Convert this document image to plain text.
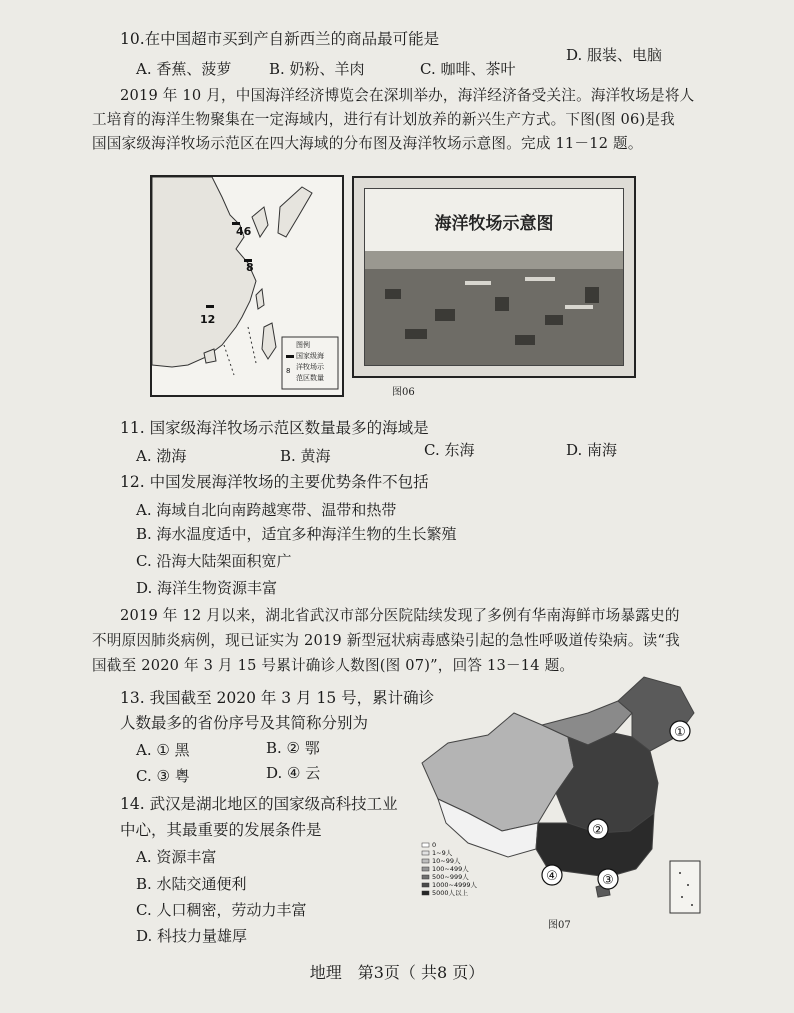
10.在中国超市买到产自新西兰的商品最可能是
A. 香蕉、菠萝	B. 奶粉、羊肉	C. 咖啡、茶叶
D. 服装、电脑
2019 年 10 月，中国海洋经济博览会在深圳举办，海洋经济备受关注。海洋牧场是将人
工培育的海洋生物聚集在一定海域内，进行有计划放养的新兴生产方式。下图(图 06)是我
国国家级海洋牧场示范区在四大海域的分布图及海洋牧场示意图。完成 11－12 题。
46
8
12
8
图例
国家级海
洋牧场示
范区数量
海洋牧场示意图
图06
11. 国家级海洋牧场示范区数量最多的海域是
A. 渤海	B. 黄海	C. 东海	D. 南海
12. 中国发展海洋牧场的主要优势条件不包括
A. 海域自北向南跨越寒带、温带和热带
B. 海水温度适中，适宜多种海洋生物的生长繁殖
C. 沿海大陆架面积宽广
D. 海洋生物资源丰富
2019 年 12 月以来，湖北省武汉市部分医院陆续发现了多例有华南海鲜市场暴露史的
不明原因肺炎病例，现已证实为 2019 新型冠状病毒感染引起的急性呼吸道传染病。读“我
国截至 2020 年 3 月 15 号累计确诊人数图(图 07)”，回答 13－14 题。
13. 我国截至 2020 年 3 月 15 号，累计确诊
人数最多的省份序号及其简称分别为
A. ① 黑	B. ② 鄂
C. ③ 粤	D. ④ 云
14. 武汉是湖北地区的国家级高科技工业
中心，其最重要的发展条件是
A. 资源丰富
B. 水陆交通便利
C. 人口稠密，劳动力丰富
D. 科技力量雄厚
①
②
③
④
0
1~9人
10~99人
100~499人
500~999人
1000~4999人
5000人以上
图07
地理　第3页（ 共8 页）
